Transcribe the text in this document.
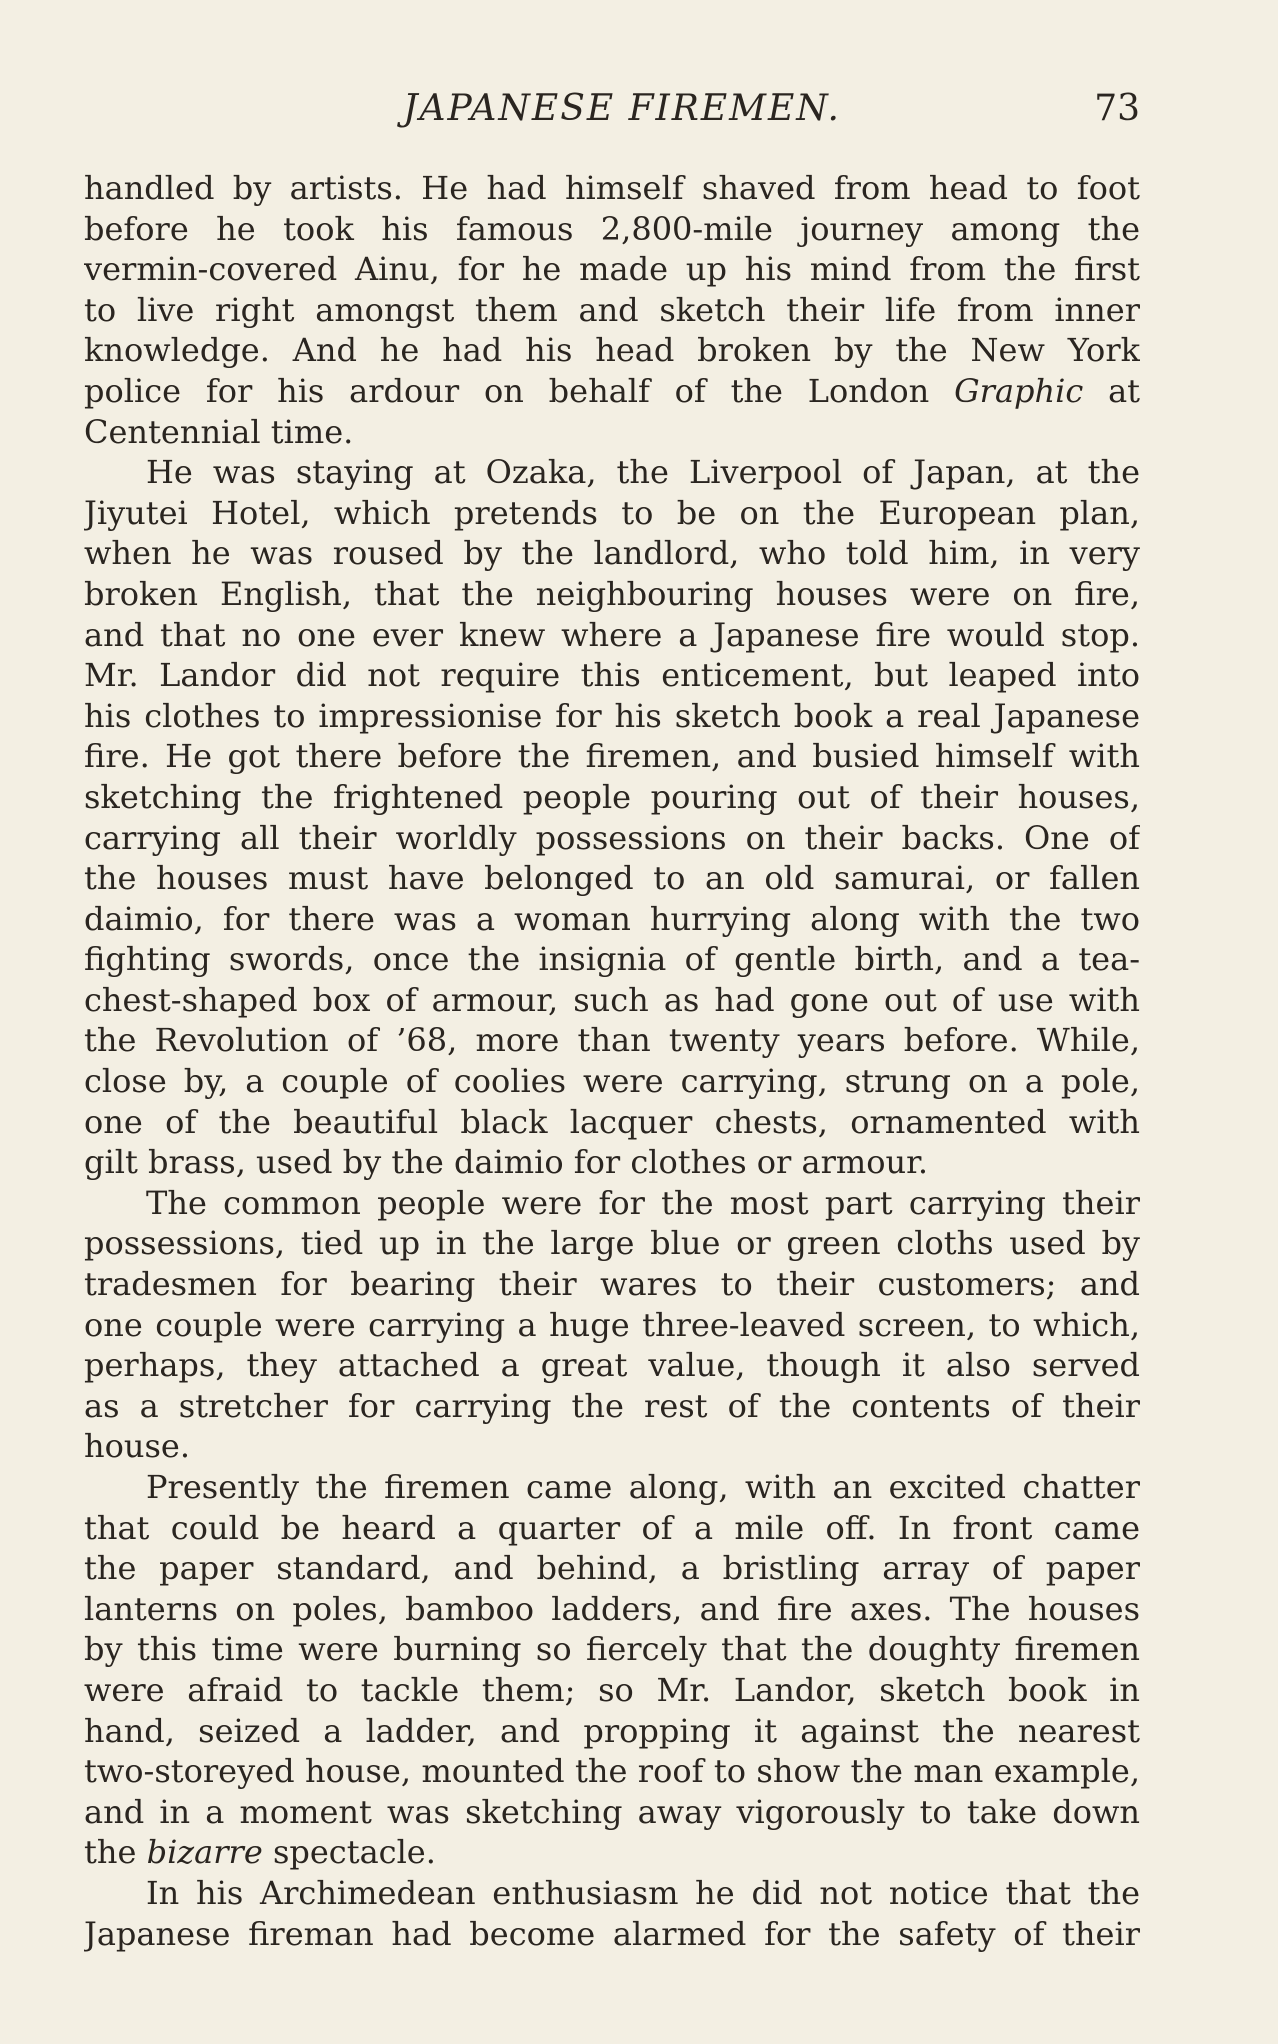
JAPANESE FIREMEN.	73
handled by artists. He had himself shaved from head to foot
before he took his famous 2,800-mile journey among the
vermin-covered Ainu, for he made up his mind from the first
to live right amongst them and sketch their life from inner
knowledge. And he had his head broken by the New York
police for his ardour on behalf of the London Graphic at
Centennial time.
He was staying at Ozaka, the Liverpool of Japan, at the
Jiyutei Hotel, which pretends to be on the European plan,
when he was roused by the landlord, who told him, in very
broken English, that the neighbouring houses were on fire,
and that no one ever knew where a Japanese fire would stop.
Mr. Landor did not require this enticement, but leaped into
his clothes to impressionise for his sketch book a real Japanese
fire. He got there before the firemen, and busied himself with
sketching the frightened people pouring out of their houses,
carrying all their worldly possessions on their backs. One of
the houses must have belonged to an old samurai, or fallen
daimio, for there was a woman hurrying along with the two
fighting swords, once the insignia of gentle birth, and a tea-
chest-shaped box of armour, such as had gone out of use with
the Revolution of ’68, more than twenty years before. While,
close by, a couple of coolies were carrying, strung on a pole,
one of the beautiful black lacquer chests, ornamented with
gilt brass, used by the daimio for clothes or armour.
The common people were for the most part carrying their
possessions, tied up in the large blue or green cloths used by
tradesmen for bearing their wares to their customers; and
one couple were carrying a huge three-leaved screen, to which,
perhaps, they attached a great value, though it also served
as a stretcher for carrying the rest of the contents of their
house.
Presently the firemen came along, with an excited chatter
that could be heard a quarter of a mile off. In front came
the paper standard, and behind, a bristling array of paper
lanterns on poles, bamboo ladders, and fire axes. The houses
by this time were burning so fiercely that the doughty firemen
were afraid to tackle them; so Mr. Landor, sketch book in
hand, seized a ladder, and propping it against the nearest
two-storeyed house, mounted the roof to show the man example,
and in a moment was sketching away vigorously to take down
the bizarre spectacle.
In his Archimedean enthusiasm he did not notice that the
Japanese fireman had become alarmed for the safety of their
